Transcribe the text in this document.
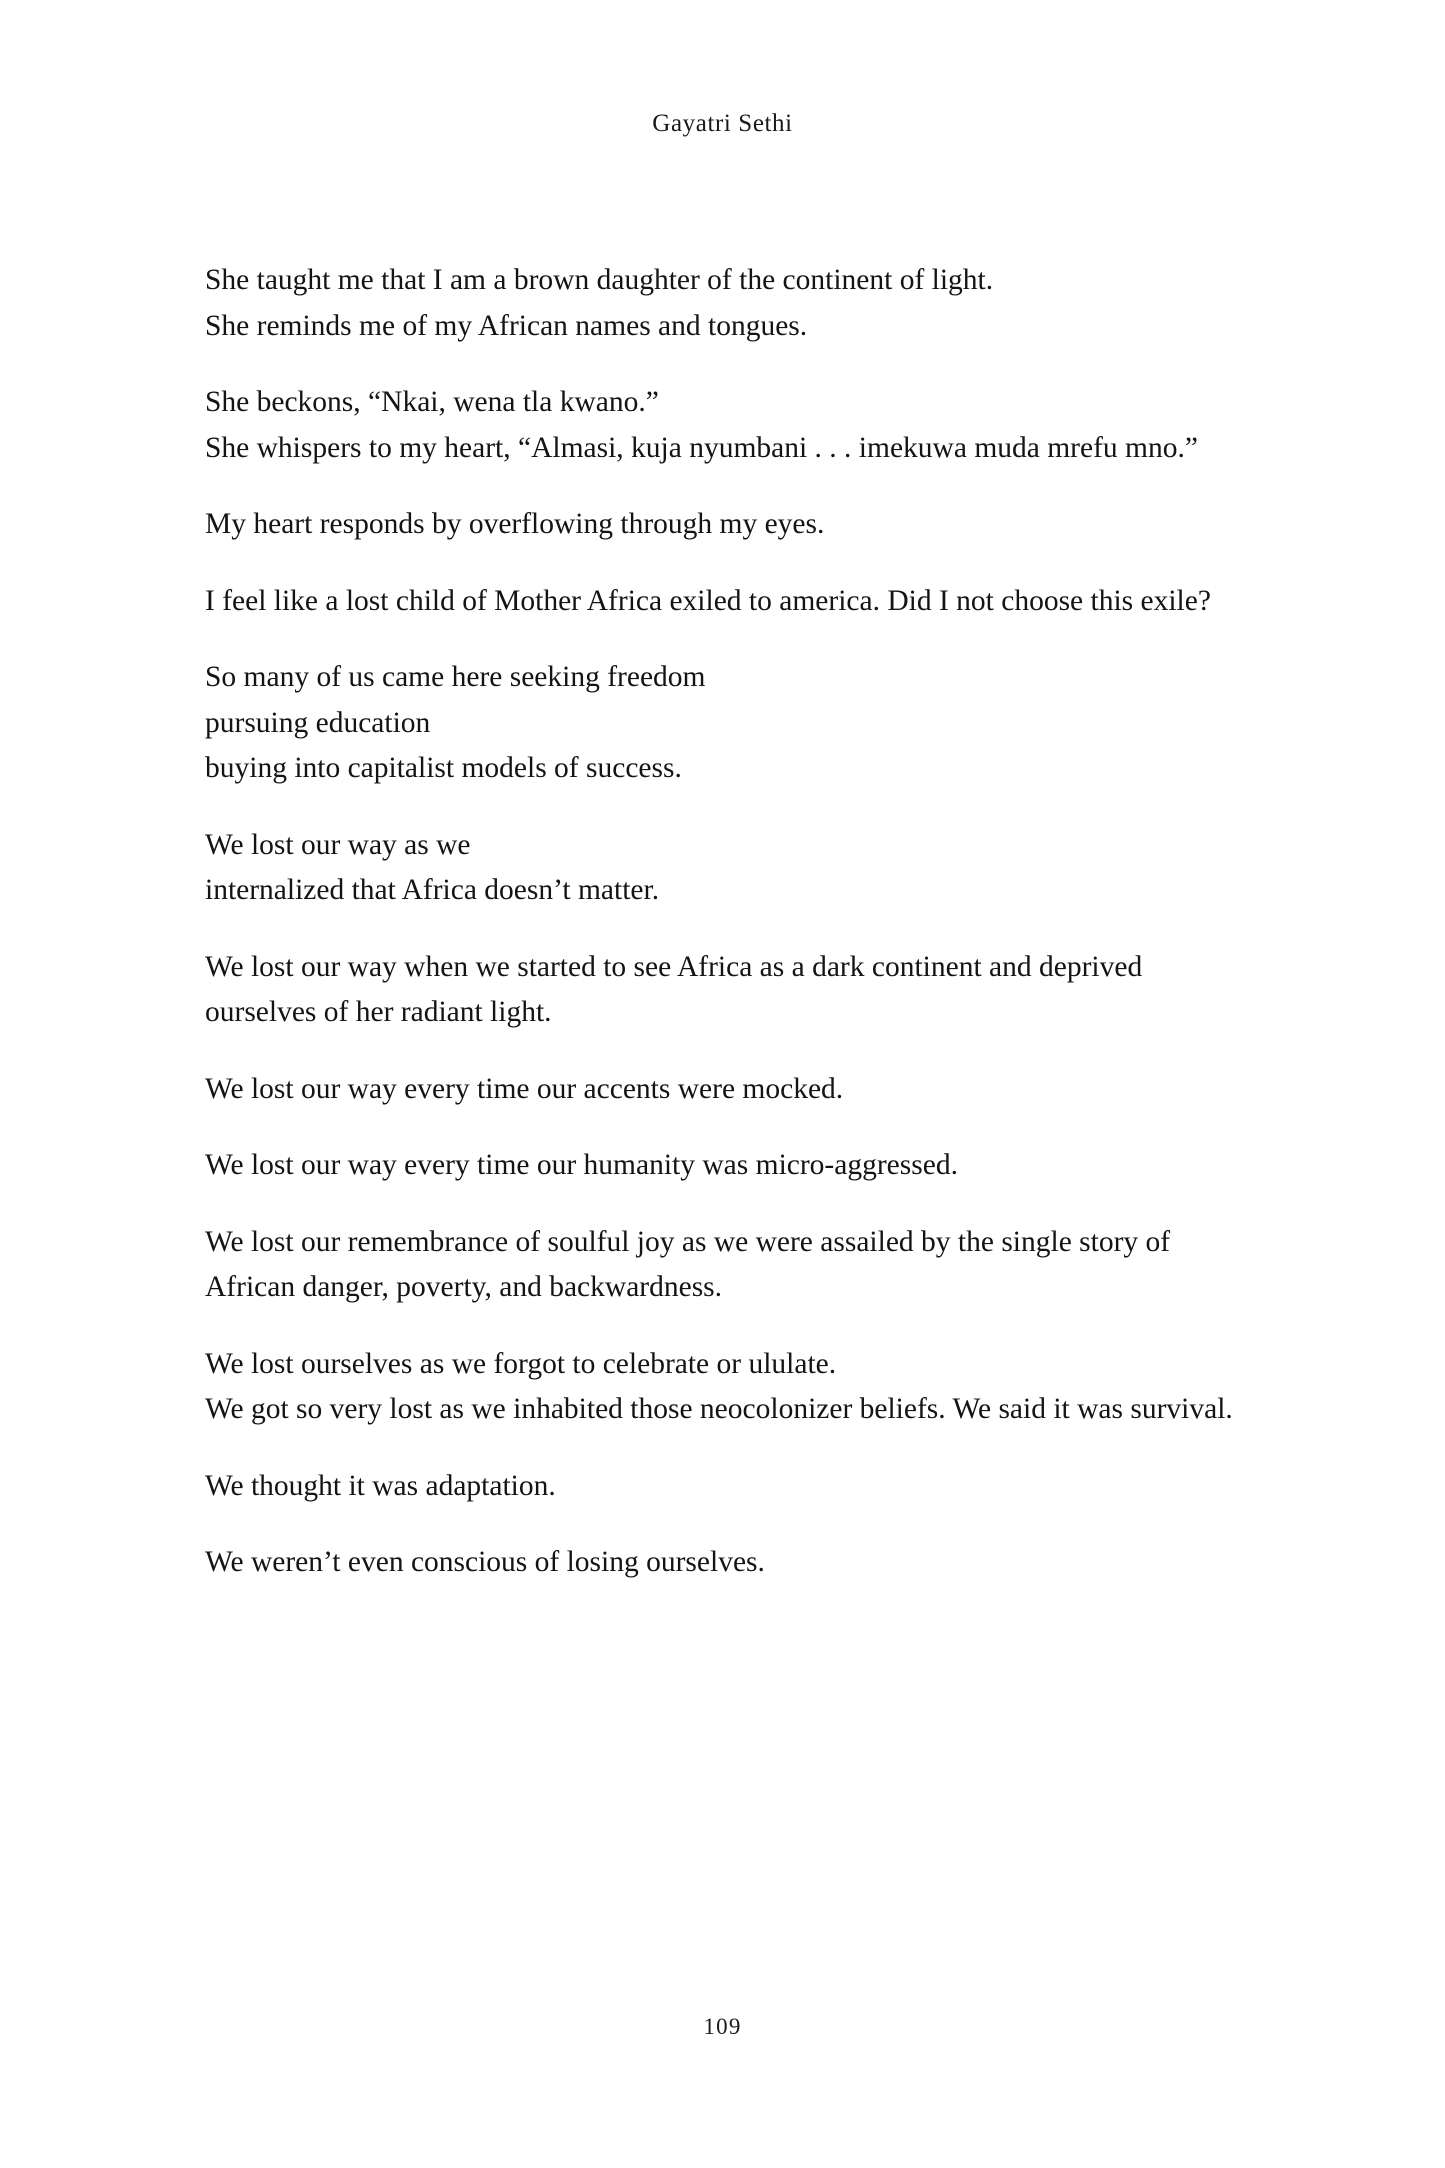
Gayatri Sethi

She taught me that I am a brown daughter of the continent of light.
She reminds me of my African names and tongues.

She beckons, “Nkai, wena tla kwano.”
She whispers to my heart, “Almasi, kuja nyumbani . . . imekuwa muda mrefu mno.”

My heart responds by overflowing through my eyes.

I feel like a lost child of Mother Africa exiled to america. Did I not choose this exile?

So many of us came here seeking freedom
pursuing education
buying into capitalist models of success.

We lost our way as we
internalized that Africa doesn’t matter.

We lost our way when we started to see Africa as a dark continent and deprived ourselves of her radiant light.

We lost our way every time our accents were mocked.

We lost our way every time our humanity was micro-aggressed.

We lost our remembrance of soulful joy as we were assailed by the single story of African danger, poverty, and backwardness.

We lost ourselves as we forgot to celebrate or ululate.
We got so very lost as we inhabited those neocolonizer beliefs. We said it was survival.

We thought it was adaptation.

We weren’t even conscious of losing ourselves.

109
